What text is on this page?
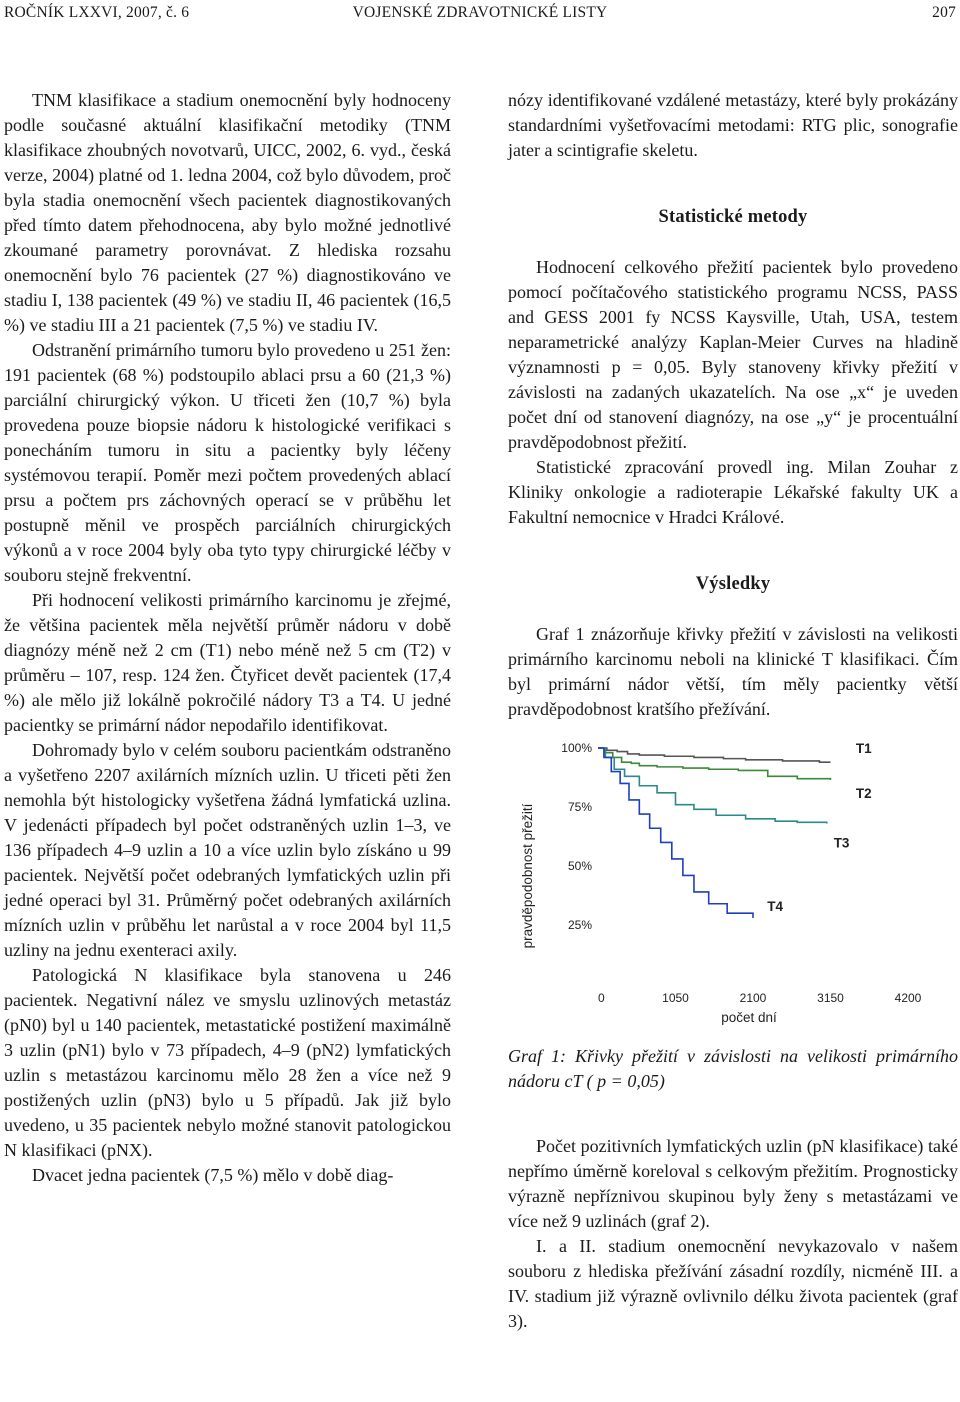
ROČNÍK LXXVI, 2007, č. 6	VOJENSKÉ ZDRAVOTNICKÉ LISTY	207

TNM klasifikace a stadium onemocnění byly hodnoceny podle současné aktuální klasifikační metodiky (TNM klasifikace zhoubných novotvarů, UICC, 2002, 6. vyd., česká verze, 2004) platné od 1. ledna 2004, což bylo důvodem, proč byla stadia onemocnění všech pacientek diagnostikovaných před tímto datem přehodnocena, aby bylo možné jednotlivé zkoumané parametry porovnávat. Z hlediska rozsahu onemocnění bylo 76 pacientek (27 %) diagnostikováno ve stadiu I, 138 pacientek (49 %) ve stadiu II, 46 pacientek (16,5 %) ve stadiu III a 21 pacientek (7,5 %) ve stadiu IV.

Odstranění primárního tumoru bylo provedeno u 251 žen: 191 pacientek (68 %) podstoupilo ablaci prsu a 60 (21,3 %) parciální chirurgický výkon. U třiceti žen (10,7 %) byla provedena pouze biopsie nádoru k histologické verifikaci s ponecháním tumoru in situ a pacientky byly léčeny systémovou terapií. Poměr mezi počtem provedených ablací prsu a počtem prs záchovných operací se v průběhu let postupně měnil ve prospěch parciálních chirurgických výkonů a v roce 2004 byly oba tyto typy chirurgické léčby v souboru stejně frekventní.

Při hodnocení velikosti primárního karcinomu je zřejmé, že většina pacientek měla největší průměr nádoru v době diagnózy méně než 2 cm (T1) nebo méně než 5 cm (T2) v průměru – 107, resp. 124 žen. Čtyřicet devět pacientek (17,4 %) ale mělo již lokálně pokročilé nádory T3 a T4. U jedné pacientky se primární nádor nepodařilo identifikovat.

Dohromady bylo v celém souboru pacientkám odstraněno a vyšetřeno 2207 axilárních mízních uzlin. U třiceti pěti žen nemohla být histologicky vyšetřena žádná lymfatická uzlina. V jedenácti případech byl počet odstraněných uzlin 1–3, ve 136 případech 4–9 uzlin a 10 a více uzlin bylo získáno u 99 pacientek. Největší počet odebraných lymfatických uzlin při jedné operaci byl 31. Průměrný počet odebraných axilárních mízních uzlin v průběhu let narůstal a v roce 2004 byl 11,5 uzliny na jednu exenteraci axily.

Patologická N klasifikace byla stanovena u 246 pacientek. Negativní nález ve smyslu uzlinových metastáz (pN0) byl u 140 pacientek, metastatické postižení maximálně 3 uzlin (pN1) bylo v 73 případech, 4–9 (pN2) lymfatických uzlin s metastázou karcinomu mělo 28 žen a více než 9 postižených uzlin (pN3) bylo u 5 případů. Jak již bylo uvedeno, u 35 pacientek nebylo možné stanovit patologickou N klasifikaci (pNX).

Dvacet jedna pacientek (7,5 %) mělo v době diag-

nózy identifikované vzdálené metastázy, které byly prokázány standardními vyšetřovacími metodami: RTG plic, sonografie jater a scintigrafie skeletu.

Statistické metody

Hodnocení celkového přežití pacientek bylo provedeno pomocí počítačového statistického programu NCSS, PASS and GESS 2001 fy NCSS Kaysville, Utah, USA, testem neparametrické analýzy Kaplan-Meier Curves na hladině významnosti p = 0,05. Byly stanoveny křivky přežití v závislosti na zadaných ukazatelích. Na ose „x“ je uveden počet dní od stanovení diagnózy, na ose „y“ je procentuální pravděpodobnost přežití.

Statistické zpracování provedl ing. Milan Zouhar z Kliniky onkologie a radioterapie Lékařské fakulty UK a Fakultní nemocnice v Hradci Králové.

Výsledky

Graf 1 znázorňuje křivky přežití v závislosti na velikosti primárního karcinomu neboli na klinické T klasifikaci. Čím byl primární nádor větší, tím měly pacientky větší pravděpodobnost kratšího přežívání.

25%
50%
75%
100%
0	1050	2100	3150	4200
počet dní
pravděpodobnost přežití
T1
T2
T3
T4

Graf 1: Křivky přežití v závislosti na velikosti primárního nádoru cT ( p = 0,05)

Počet pozitivních lymfatických uzlin (pN klasifikace) také nepřímo úměrně koreloval s celkovým přežitím. Prognosticky výrazně nepříznivou skupinou byly ženy s metastázami ve více než 9 uzlinách (graf 2).

I. a II. stadium onemocnění nevykazovalo v našem souboru z hlediska přežívání zásadní rozdíly, nicméně III. a IV. stadium již výrazně ovlivnilo délku života pacientek (graf 3).
